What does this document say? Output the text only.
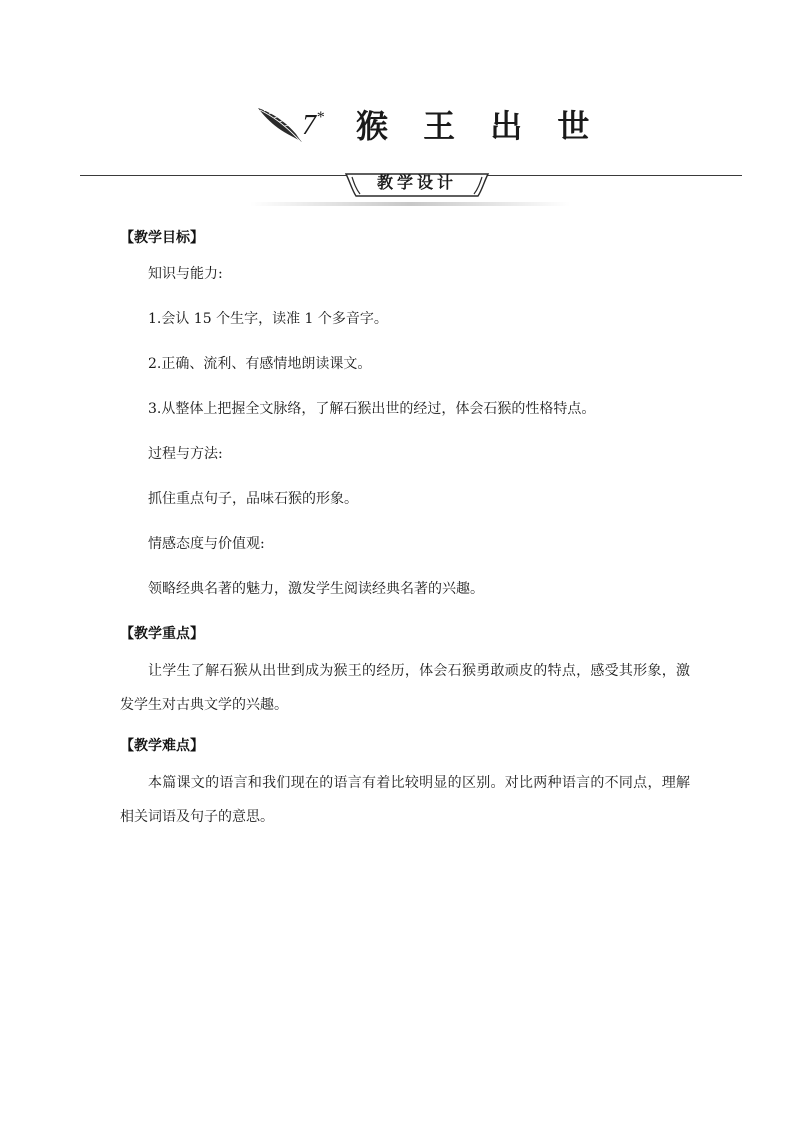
7* 猴 王 出 世
教学设计
【教学目标】
知识与能力:
1.会认 15 个生字，读准 1 个多音字。
2.正确、流利、有感情地朗读课文。
3.从整体上把握全文脉络，了解石猴出世的经过，体会石猴的性格特点。
过程与方法:
抓住重点句子，品味石猴的形象。
情感态度与价值观:
领略经典名著的魅力，激发学生阅读经典名著的兴趣。
【教学重点】
让学生了解石猴从出世到成为猴王的经历，体会石猴勇敢顽皮的特点，感受其形象，激发学生对古典文学的兴趣。
【教学难点】
本篇课文的语言和我们现在的语言有着比较明显的区别。对比两种语言的不同点，理解相关词语及句子的意思。
